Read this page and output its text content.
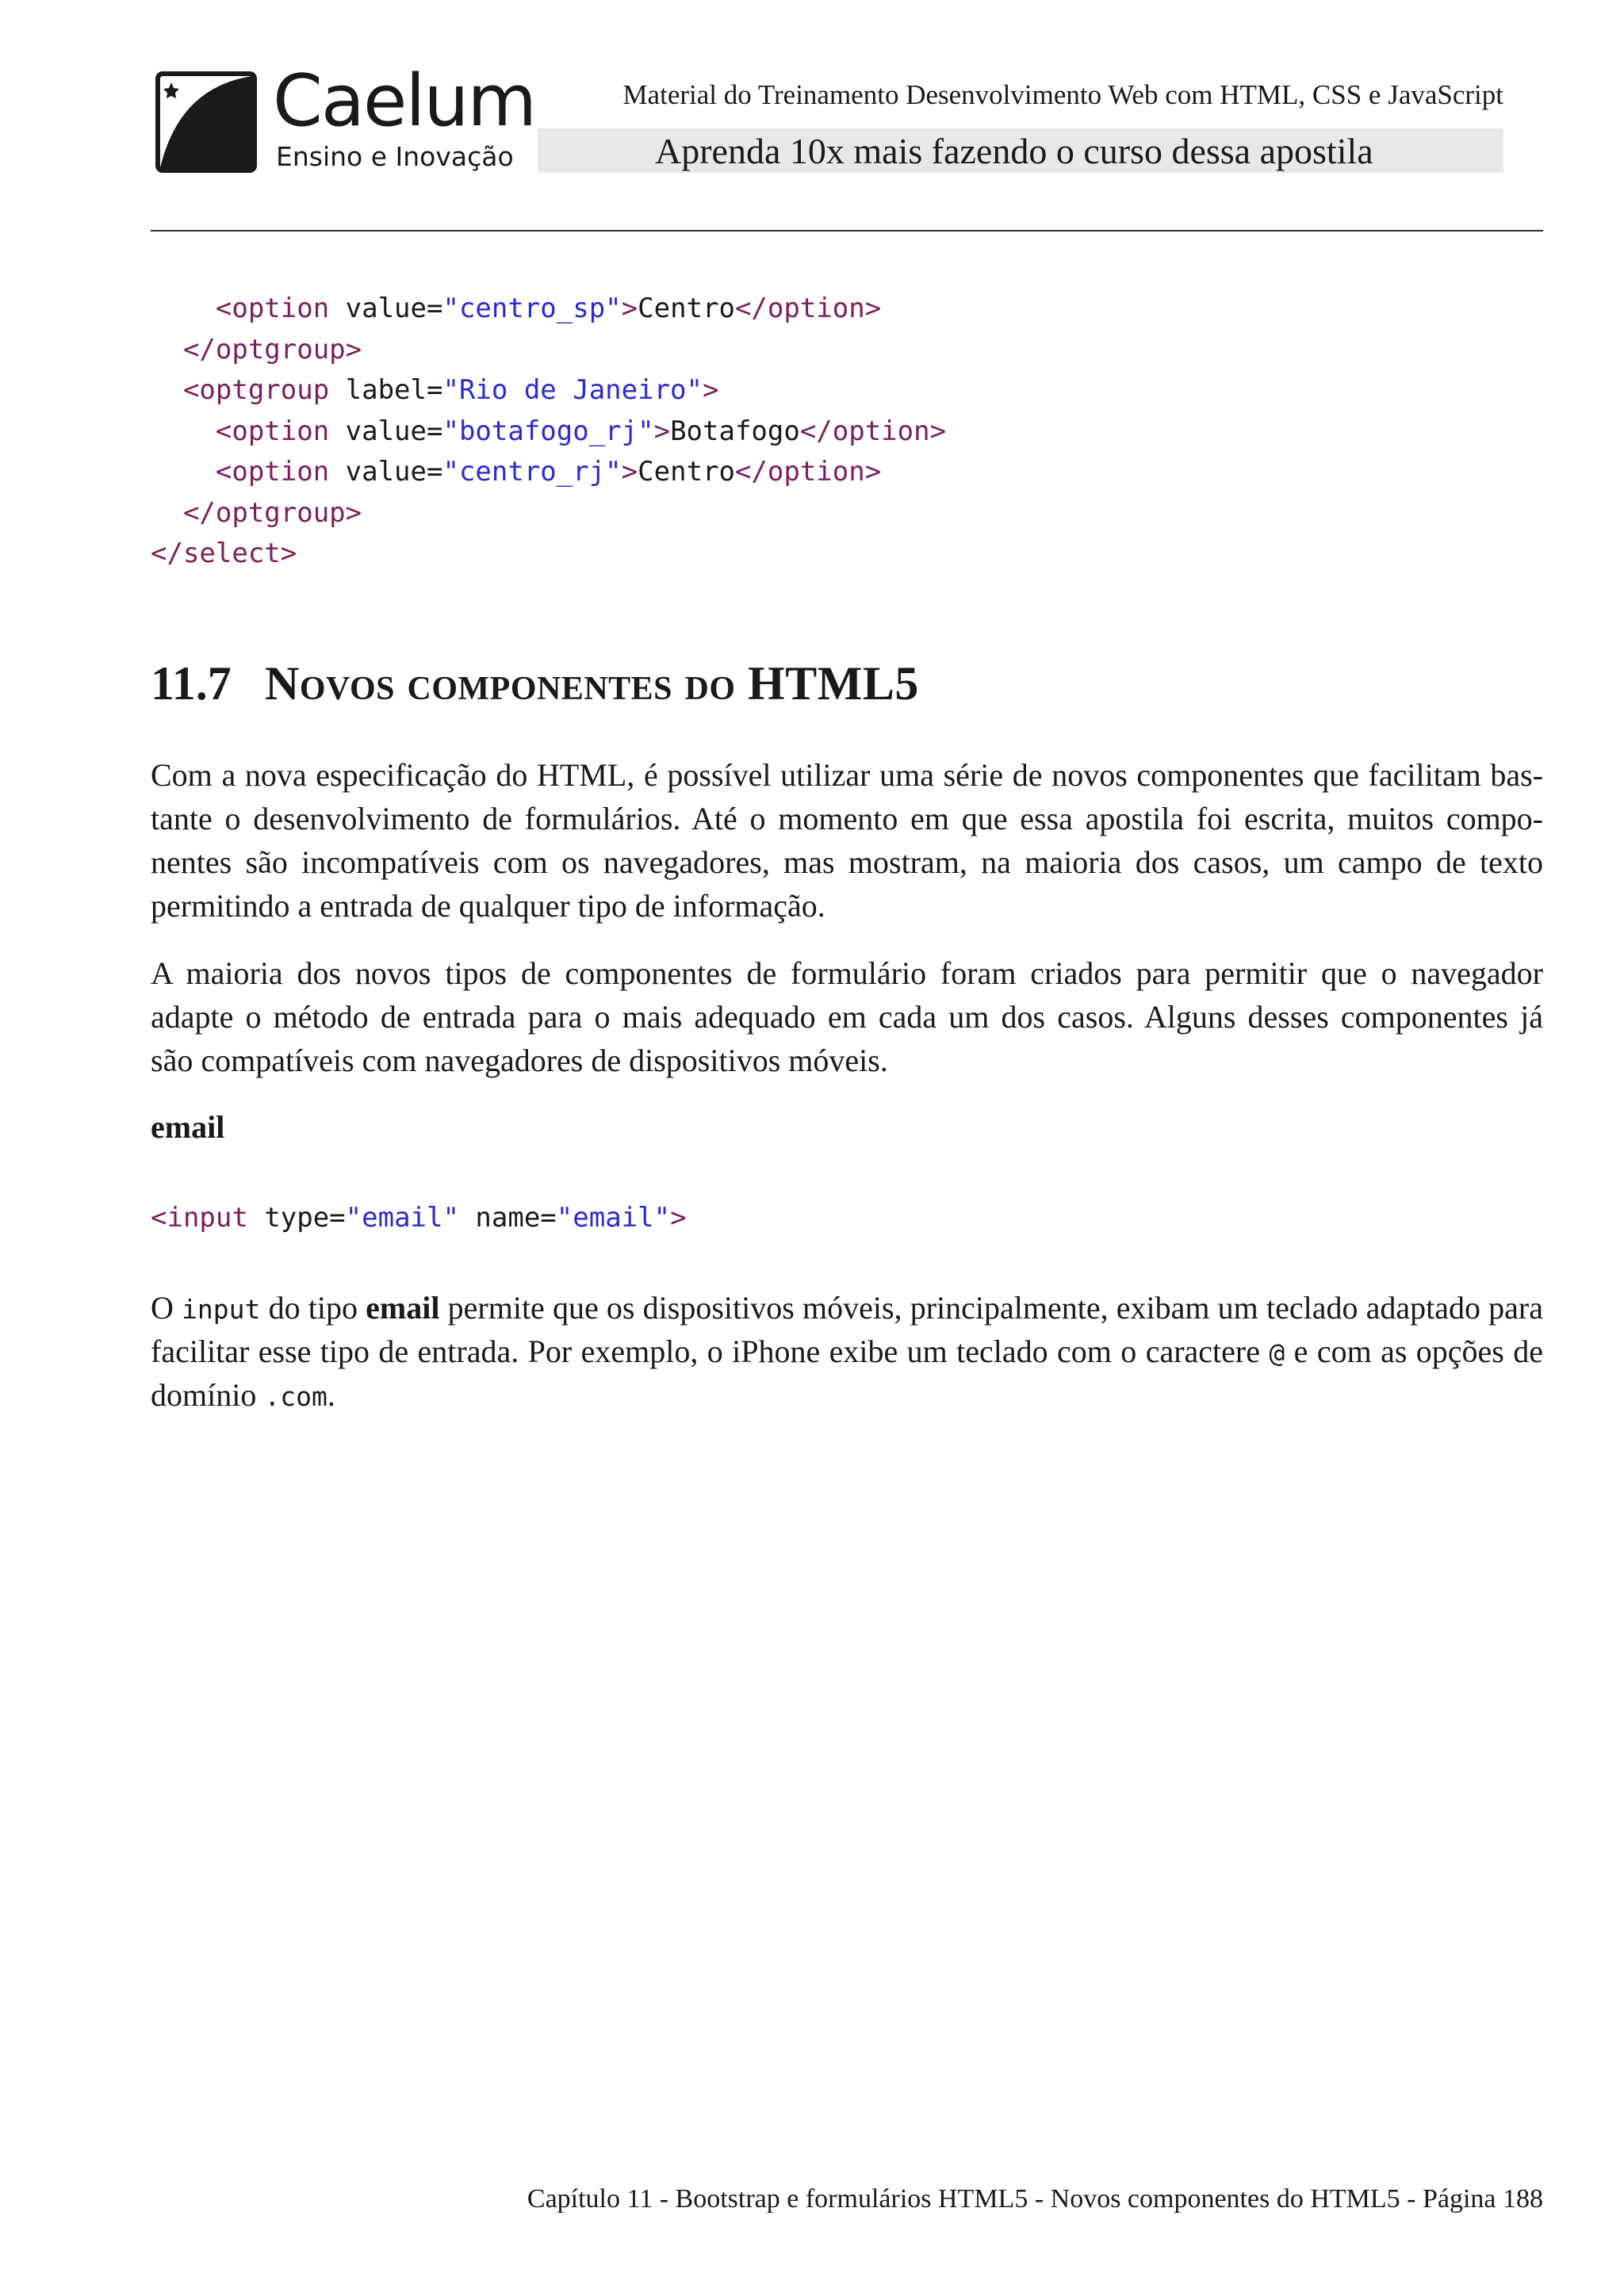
Caelum
Ensino e Inovação
Material do Treinamento Desenvolvimento Web com HTML, CSS e JavaScript
Aprenda 10x mais fazendo o curso dessa apostila
<option value="centro_sp">Centro</option>
</optgroup>
<optgroup label="Rio de Janeiro">
<option value="botafogo_rj">Botafogo</option>
<option value="centro_rj">Centro</option>
</optgroup>
</select>
11.7 Novos componentes do HTML5
Com a nova especificação do HTML, é possível utilizar uma série de novos componentes que facilitam bas-
tante o desenvolvimento de formulários. Até o momento em que essa apostila foi escrita, muitos compo-
nentes são incompatíveis com os navegadores, mas mostram, na maioria dos casos, um campo de texto
permitindo a entrada de qualquer tipo de informação.
A maioria dos novos tipos de componentes de formulário foram criados para permitir que o navegador
adapte o método de entrada para o mais adequado em cada um dos casos. Alguns desses componentes já
são compatíveis com navegadores de dispositivos móveis.
email
<input type="email" name="email">
O input do tipo email permite que os dispositivos móveis, principalmente, exibam um teclado adaptado para
facilitar esse tipo de entrada. Por exemplo, o iPhone exibe um teclado com o caractere @ e com as opções de
domínio .com.
Capítulo 11 - Bootstrap e formulários HTML5 - Novos componentes do HTML5 - Página 188
